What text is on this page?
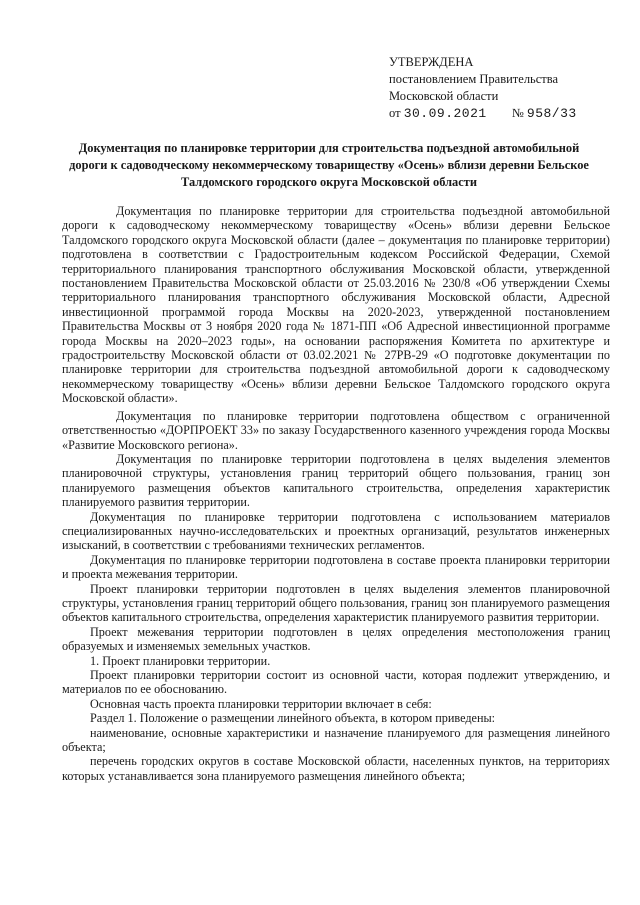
УТВЕРЖДЕНА
постановлением Правительства
Московской области
от 30.09.2021 № 958/33
Документация по планировке территории для строительства подъездной автомобильной дороги к садоводческому некоммерческому товариществу «Осень» вблизи деревни Бельское Талдомского городского округа Московской области

Документация по планировке территории для строительства подъездной автомобильной дороги к садоводческому некоммерческому товариществу «Осень» вблизи деревни Бельское Талдомского городского округа Московской области (далее – документация по планировке территории) подготовлена в соответствии с Градостроительным кодексом Российской Федерации, Схемой территориального планирования транспортного обслуживания Московской области, утвержденной постановлением Правительства Московской области от 25.03.2016 № 230/8 «Об утверждении Схемы территориального планирования транспортного обслуживания Московской области, Адресной инвестиционной программой города Москвы на 2020-2023, утвержденной постановлением Правительства Москвы от 3 ноября 2020 года № 1871-ПП «Об Адресной инвестиционной программе города Москвы на 2020–2023 годы», на основании распоряжения Комитета по архитектуре и градостроительству Московской области от 03.02.2021 № 27РВ-29 «О подготовке документации по планировке территории для строительства подъездной автомобильной дороги к садоводческому некоммерческому товариществу «Осень» вблизи деревни Бельское Талдомского городского округа Московской области».

Документация по планировке территории подготовлена обществом с ограниченной ответственностью «ДОРПРОЕКТ 33» по заказу Государственного казенного учреждения города Москвы «Развитие Московского региона».

Документация по планировке территории подготовлена в целях выделения элементов планировочной структуры, установления границ территорий общего пользования, границ зон планируемого размещения объектов капитального строительства, определения характеристик планируемого развития территории.

Документация по планировке территории подготовлена с использованием материалов специализированных научно-исследовательских и проектных организаций, результатов инженерных изысканий, в соответствии с требованиями технических регламентов.

Документация по планировке территории подготовлена в составе проекта планировки территории и проекта межевания территории.

Проект планировки территории подготовлен в целях выделения элементов планировочной структуры, установления границ территорий общего пользования, границ зон планируемого размещения объектов капитального строительства, определения характеристик планируемого развития территории.

Проект межевания территории подготовлен в целях определения местоположения границ образуемых и изменяемых земельных участков.

1. Проект планировки территории.

Проект планировки территории состоит из основной части, которая подлежит утверждению, и материалов по ее обоснованию.

Основная часть проекта планировки территории включает в себя:

Раздел 1. Положение о размещении линейного объекта, в котором приведены:

наименование, основные характеристики и назначение планируемого для размещения линейного объекта;

перечень городских округов в составе Московской области, населенных пунктов, на территориях которых устанавливается зона планируемого размещения линейного объекта;
